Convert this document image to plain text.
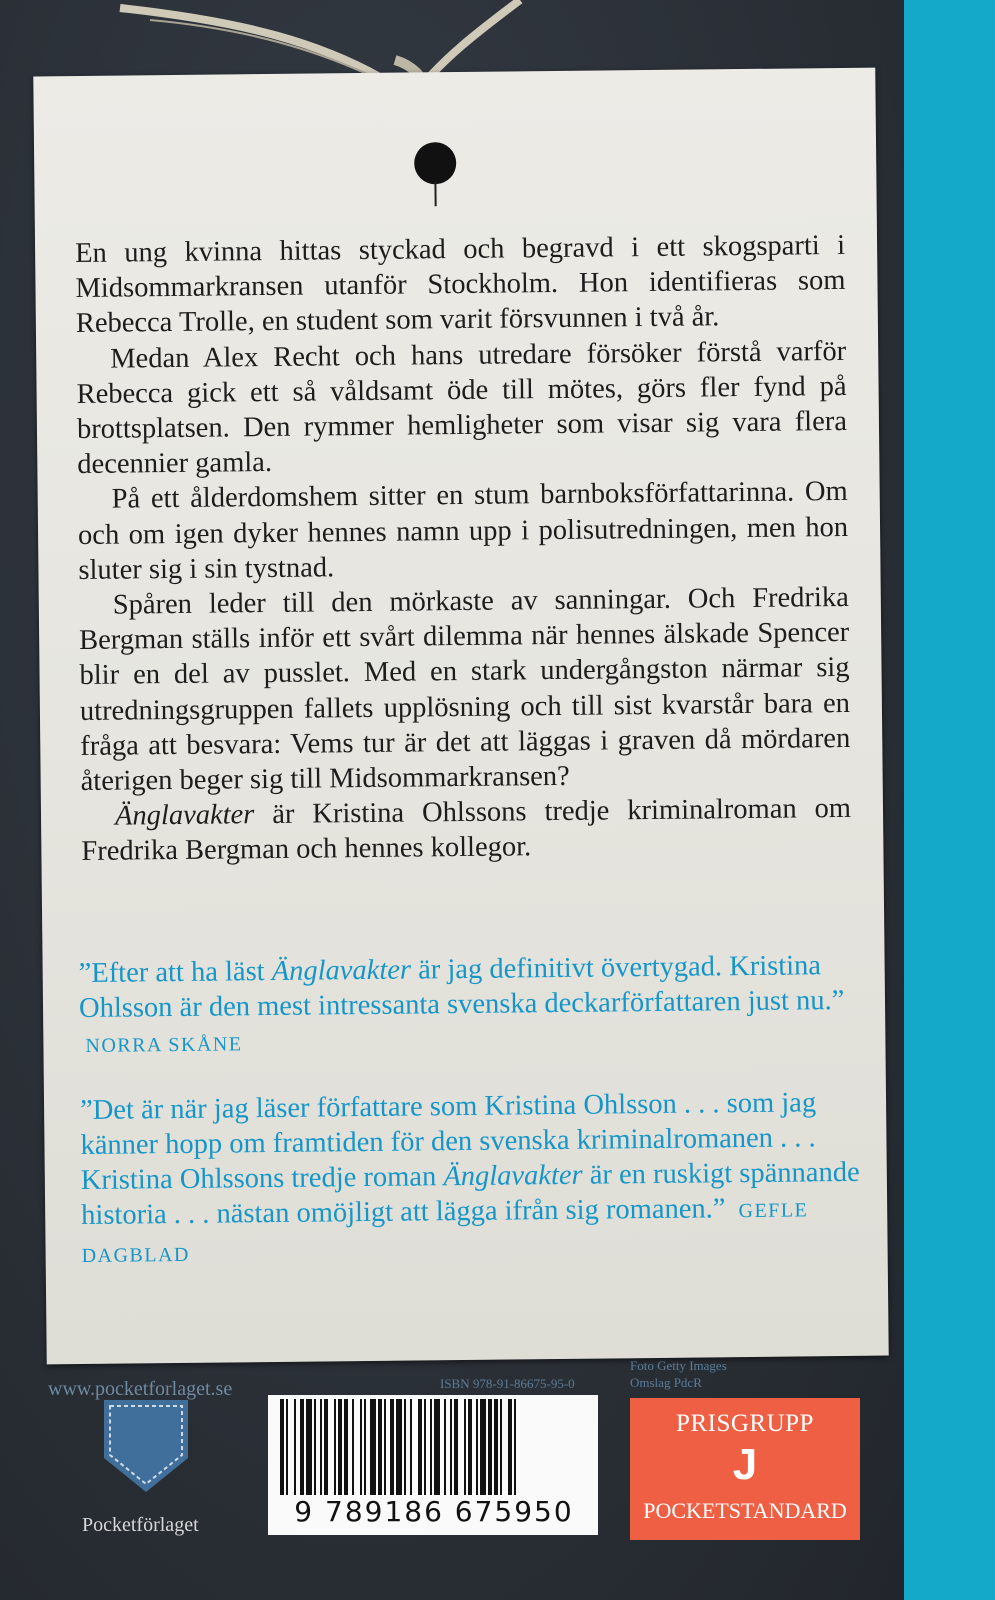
En ung kvinna hittas styckad och begravd i ett skogsparti i Midsommarkransen utanför Stockholm. Hon identifieras som Rebecca Trolle, en student som varit försvunnen i två år.

Medan Alex Recht och hans utredare försöker förstå varför Rebecca gick ett så våldsamt öde till mötes, görs fler fynd på brottsplatsen. Den rymmer hemligheter som visar sig vara flera decennier gamla.

På ett ålderdomshem sitter en stum barnboksförfattarinna. Om och om igen dyker hennes namn upp i polisutredningen, men hon sluter sig i sin tystnad.

Spåren leder till den mörkaste av sanningar. Och Fredrika Bergman ställs inför ett svårt dilemma när hennes älskade Spencer blir en del av pusslet. Med en stark undergångston närmar sig utredningsgruppen fallets upplösning och till sist kvarstår bara en fråga att besvara: Vems tur är det att läggas i graven då mördaren återigen beger sig till Midsommarkransen?

Änglavakter är Kristina Ohlssons tredje kriminalroman om Fredrika Bergman och hennes kollegor.

”Efter att ha läst Änglavakter är jag definitivt övertygad. Kristina Ohlsson är den mest intressanta svenska deckarförfattaren just nu.” NORRA SKÅNE

”Det är när jag läser författare som Kristina Ohlsson . . . som jag känner hopp om framtiden för den svenska kriminalromanen . . . Kristina Ohlssons tredje roman Änglavakter är en ruskigt spännande historia . . . nästan omöjligt att lägga ifrån sig romanen.” GEFLE DAGBLAD

www.pocketforlaget.se
Pocketförlaget
ISBN 978-91-86675-95-0
Foto Getty Images
Omslag PdcR
9 789186 675950
PRISGRUPP
J
POCKETSTANDARD
